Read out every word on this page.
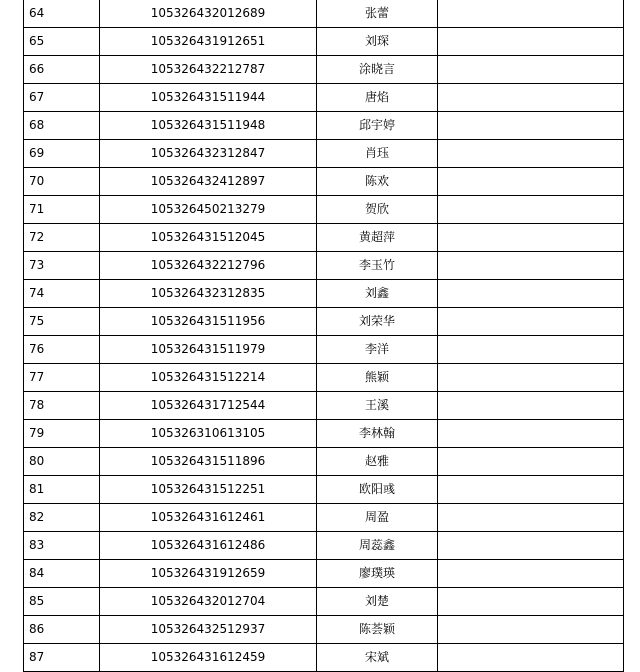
64	105326432012689	张蕾	
65	105326431912651	刘琛	
66	105326432212787	涂晓言	
67	105326431511944	唐焰	
68	105326431511948	邱宇婷	
69	105326432312847	肖珏	
70	105326432412897	陈欢	
71	105326450213279	贺欣	
72	105326431512045	黄超萍	
73	105326432212796	李玉竹	
74	105326432312835	刘鑫	
75	105326431511956	刘荣华	
76	105326431511979	李洋	
77	105326431512214	熊颖	
78	105326431712544	王溪	
79	105326310613105	李林翰	
80	105326431511896	赵雅	
81	105326431512251	欧阳彧	
82	105326431612461	周盈	
83	105326431612486	周蕊鑫	
84	105326431912659	廖璞瑛	
85	105326432012704	刘楚	
86	105326432512937	陈荟颖	
87	105326431612459	宋斌	
